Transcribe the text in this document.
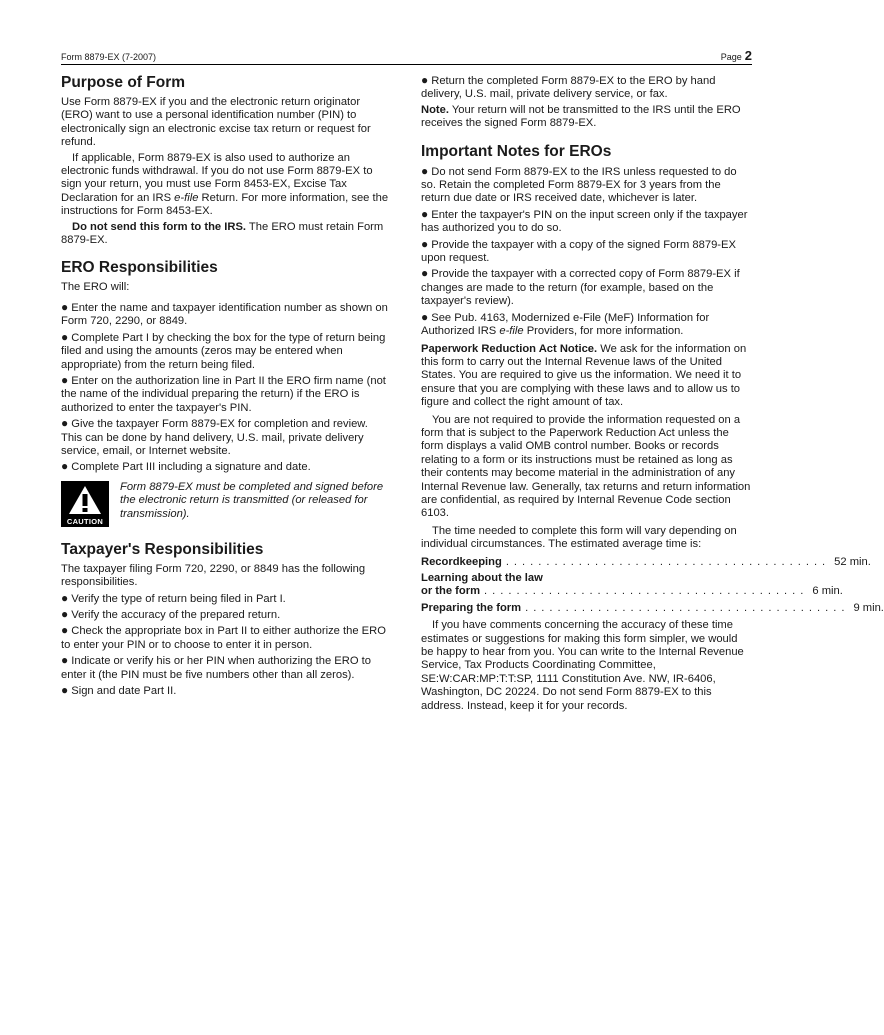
Form 8879-EX (7-2007)	Page 2
Purpose of Form

Use Form 8879-EX if you and the electronic return originator (ERO) want to use a personal identification number (PIN) to electronically sign an electronic excise tax return or request for refund.

If applicable, Form 8879-EX is also used to authorize an electronic funds withdrawal. If you do not use Form 8879-EX to sign your return, you must use Form 8453-EX, Excise Tax Declaration for an IRS e-file Return. For more information, see the instructions for Form 8453-EX.

Do not send this form to the IRS. The ERO must retain Form 8879-EX.

ERO Responsibilities

The ERO will:

● Enter the name and taxpayer identification number as shown on Form 720, 2290, or 8849.
● Complete Part I by checking the box for the type of return being filed and using the amounts (zeros may be entered when appropriate) from the return being filed.
● Enter on the authorization line in Part II the ERO firm name (not the name of the individual preparing the return) if the ERO is authorized to enter the taxpayer's PIN.
● Give the taxpayer Form 8879-EX for completion and review. This can be done by hand delivery, U.S. mail, private delivery service, email, or Internet website.
● Complete Part III including a signature and date.
CAUTION
Form 8879-EX must be completed and signed before the electronic return is transmitted (or released for transmission).
Taxpayer's Responsibilities

The taxpayer filing Form 720, 2290, or 8849 has the following responsibilities.

● Verify the type of return being filed in Part I.
● Verify the accuracy of the prepared return.
● Check the appropriate box in Part II to either authorize the ERO to enter your PIN or to choose to enter it in person.
● Indicate or verify his or her PIN when authorizing the ERO to enter it (the PIN must be five numbers other than all zeros).
● Sign and date Part II.
● Return the completed Form 8879-EX to the ERO by hand delivery, U.S. mail, private delivery service, or fax.

Note. Your return will not be transmitted to the IRS until the ERO receives the signed Form 8879-EX.

Important Notes for EROs
● Do not send Form 8879-EX to the IRS unless requested to do so. Retain the completed Form 8879-EX for 3 years from the return due date or IRS received date, whichever is later.
● Enter the taxpayer's PIN on the input screen only if the taxpayer has authorized you to do so.
● Provide the taxpayer with a copy of the signed Form 8879-EX upon request.
● Provide the taxpayer with a corrected copy of Form 8879-EX if changes are made to the return (for example, based on the taxpayer's review).
● See Pub. 4163, Modernized e-File (MeF) Information for Authorized IRS e-file Providers, for more information.

Paperwork Reduction Act Notice. We ask for the information on this form to carry out the Internal Revenue laws of the United States. You are required to give us the information. We need it to ensure that you are complying with these laws and to allow us to figure and collect the right amount of tax.

You are not required to provide the information requested on a form that is subject to the Paperwork Reduction Act unless the form displays a valid OMB control number. Books or records relating to a form or its instructions must be retained as long as their contents may become material in the administration of any Internal Revenue law. Generally, tax returns and return information are confidential, as required by Internal Revenue Code section 6103.

The time needed to complete this form will vary depending on individual circumstances. The estimated average time is:

Recordkeeping ........................................ 52 min.

Learning about the law

or the form ........................................ 6 min.
Preparing the form ........................................ 9 min.

If you have comments concerning the accuracy of these time estimates or suggestions for making this form simpler, we would be happy to hear from you. You can write to the Internal Revenue Service, Tax Products Coordinating Committee, SE:W:CAR:MP:T:T:SP, 1111 Constitution Ave. NW, IR-6406, Washington, DC 20224. Do not send Form 8879-EX to this address. Instead, keep it for your records.
